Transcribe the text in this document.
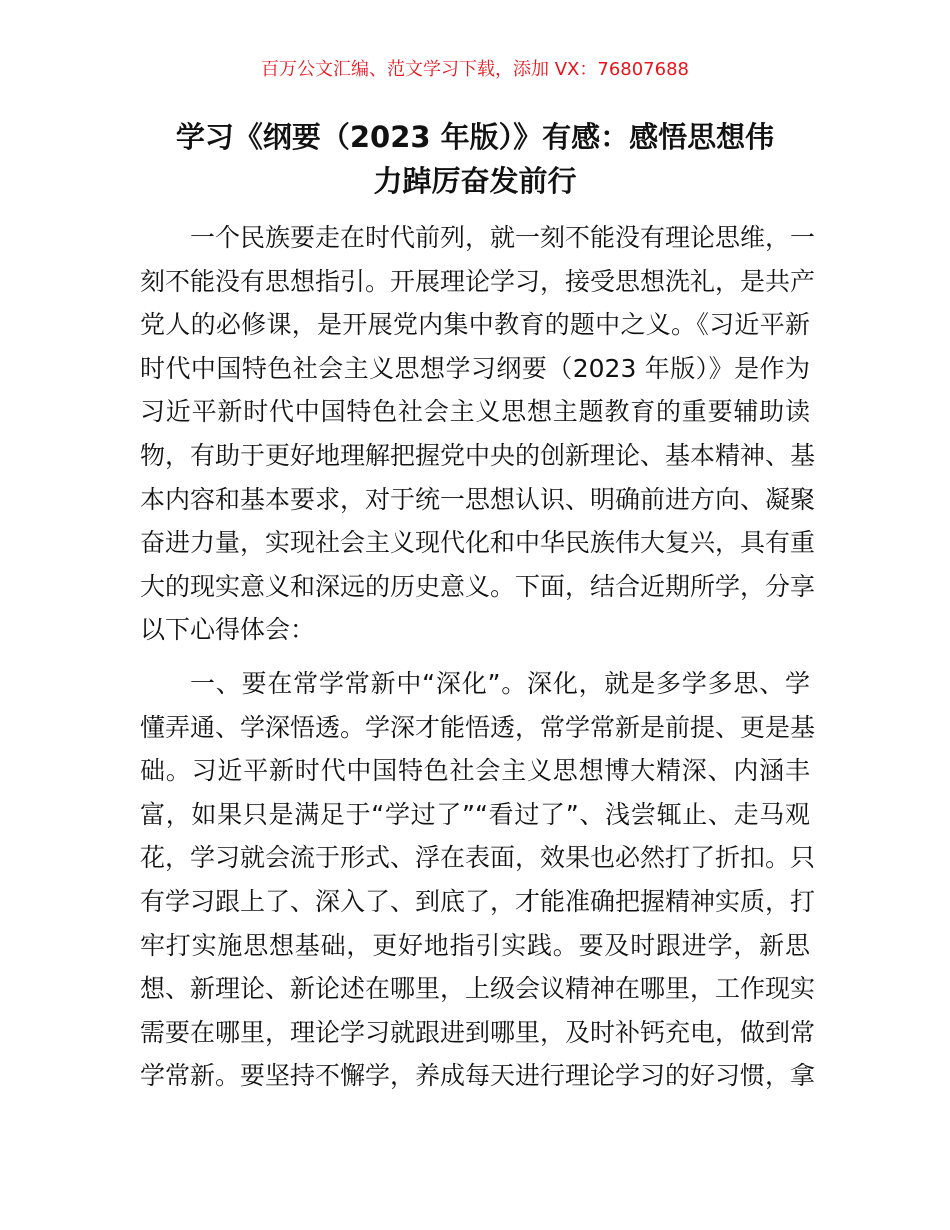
百万公文汇编、范文学习下载，添加 VX：76807688
学习《纲要（2023 年版）》有感：感悟思想伟
力踔厉奋发前行
一个民族要走在时代前列，就一刻不能没有理论思维，一
刻不能没有思想指引。开展理论学习，接受思想洗礼，是共产
党人的必修课，是开展党内集中教育的题中之义。《习近平新
时代中国特色社会主义思想学习纲要（2023 年版）》是作为
习近平新时代中国特色社会主义思想主题教育的重要辅助读
物，有助于更好地理解把握党中央的创新理论、基本精神、基
本内容和基本要求，对于统一思想认识、明确前进方向、凝聚
奋进力量，实现社会主义现代化和中华民族伟大复兴，具有重
大的现实意义和深远的历史意义。下面，结合近期所学，分享
以下心得体会：
一、要在常学常新中“深化”。深化，就是多学多思、学
懂弄通、学深悟透。学深才能悟透，常学常新是前提、更是基
础。习近平新时代中国特色社会主义思想博大精深、内涵丰
富，如果只是满足于“学过了”“看过了”、浅尝辄止、走马观
花，学习就会流于形式、浮在表面，效果也必然打了折扣。只
有学习跟上了、深入了、到底了，才能准确把握精神实质，打
牢打实施思想基础，更好地指引实践。要及时跟进学，新思
想、新理论、新论述在哪里，上级会议精神在哪里，工作现实
需要在哪里，理论学习就跟进到哪里，及时补钙充电，做到常
学常新。要坚持不懈学，养成每天进行理论学习的好习惯，拿
